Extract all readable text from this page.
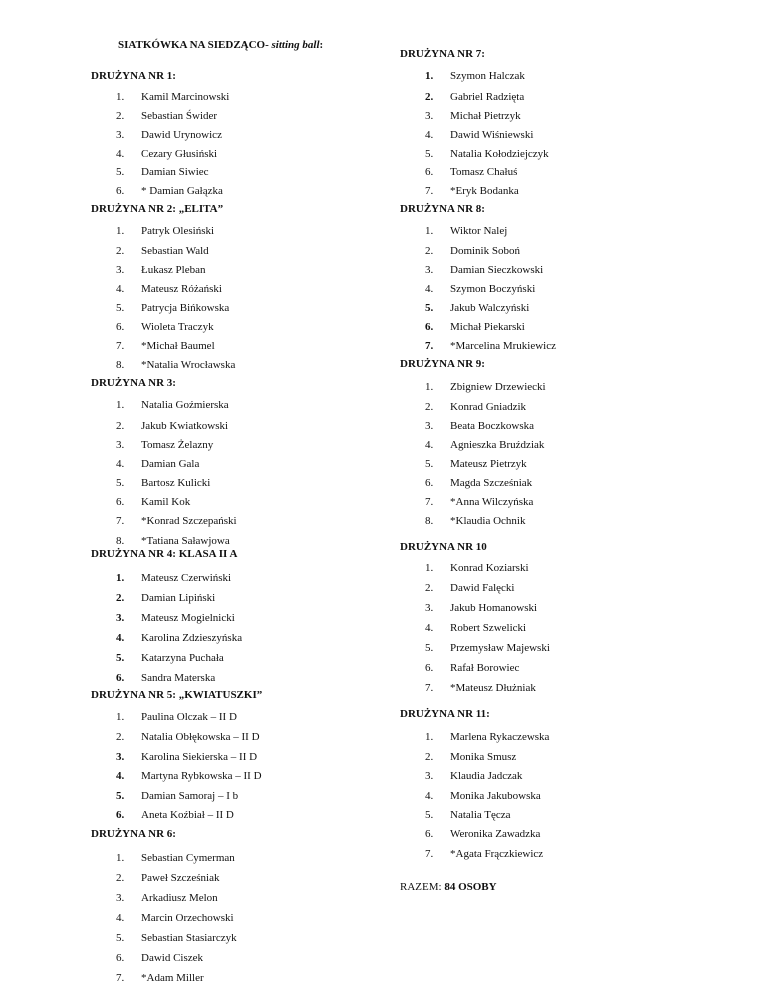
SIATKÓWKA NA SIEDZĄCO- sitting ball:
DRUŻYNA NR 1:
1. Kamil Marcinowski
2. Sebastian Świder
3. Dawid Urynowicz
4. Cezary Głusiński
5. Damian Siwiec
6. * Damian Gałązka
DRUŻYNA NR 2: „ELITA”
1. Patryk Olesiński
2. Sebastian Wald
3. Łukasz Pleban
4. Mateusz Różański
5. Patrycja Bińkowska
6. Wioleta Traczyk
7. *Michał Baumel
8. *Natalia Wrocławska
DRUŻYNA NR 3:
1. Natalia Goźmierska
2. Jakub Kwiatkowski
3. Tomasz Żelazny
4. Damian Gala
5. Bartosz Kulicki
6. Kamil Kok
7. *Konrad Szczepański
8. *Tatiana Saławjowa
DRUŻYNA NR 4: KLASA II A
1. Mateusz Czerwiński
2. Damian Lipiński
3. Mateusz Mogielnicki
4. Karolina Zdzieszyńska
5. Katarzyna Puchała
6. Sandra Materska
DRUŻYNA NR 5: „KWIATUSZKI”
1. Paulina Olczak – II D
2. Natalia Obłękowska – II D
3. Karolina Siekierska – II D
4. Martyna Rybkowska – II D
5. Damian Samoraj – I b
6. Aneta Koźbiał – II D
DRUŻYNA NR 6:
1. Sebastian Cymerman
2. Paweł Szcześniak
3. Arkadiusz Melon
4. Marcin Orzechowski
5. Sebastian Stasiarczyk
6. Dawid Ciszek
7. *Adam Miller
DRUŻYNA NR 7:
1. Szymon Halczak
2. Gabriel Radzięta
3. Michał Pietrzyk
4. Dawid Wiśniewski
5. Natalia Kołodziejczyk
6. Tomasz Chałuś
7. *Eryk Bodanka
DRUŻYNA NR 8:
1. Wiktor Nalej
2. Dominik Soboń
3. Damian Sieczkowski
4. Szymon Boczyński
5. Jakub Walczyński
6. Michał Piekarski
7. *Marcelina Mrukiewicz
DRUŻYNA NR 9:
1. Zbigniew Drzewiecki
2. Konrad Gniadzik
3. Beata Boczkowska
4. Agnieszka Bruździak
5. Mateusz Pietrzyk
6. Magda Szcześniak
7. *Anna Wilczyńska
8. *Klaudia Ochnik
DRUŻYNA NR 10
1. Konrad Koziarski
2. Dawid Falęcki
3. Jakub Homanowski
4. Robert Szwelicki
5. Przemysław Majewski
6. Rafał Borowiec
7. *Mateusz Dłużniak
DRUŻYNA NR 11:
1. Marlena Rykaczewska
2. Monika Smusz
3. Klaudia Jadczak
4. Monika Jakubowska
5. Natalia Tęcza
6. Weronika Zawadzka
7. *Agata Frączkiewicz
RAZEM: 84 OSOBY
